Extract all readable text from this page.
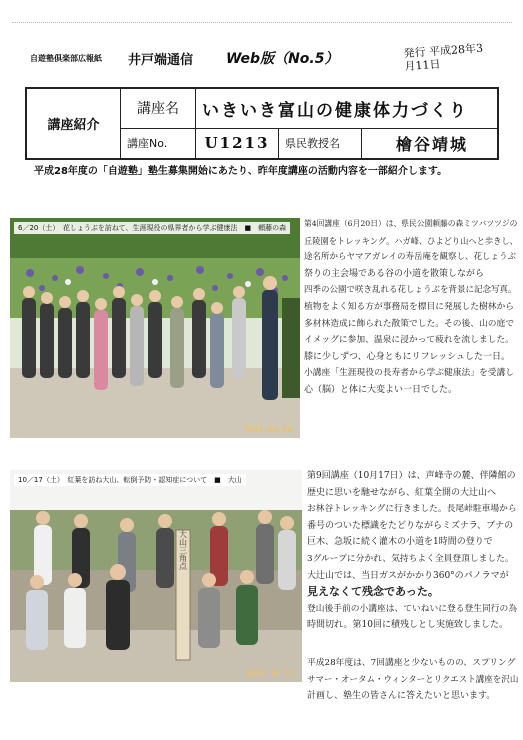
自遊塾倶楽部広報紙 井戸端通信 Web版（No.5）	発行 平成28年3月11日
講座紹介	講座名	いきいき富山の健康体力づくり		
	講座No.	U1213	県民教授名	檜谷靖城
平成28年度の「自遊塾」塾生募集開始にあたり、昨年度講座の活動内容を一部紹介します。
6／20（土）　花しょうぶを訪ねて、生涯現役の県界者から学ぶ健康法　■　頼藤の森
2015.06.20

第4回講座（6月20日）は、県民公園頼藤の森ミツバツツジの

丘陵園をトレッキング。ハガ峰、ひよどり山へと歩きし、

途名所からヤマアガレイの寿岳庵を観察し、花しょうぶ

祭りの主会場である谷の小道を散策しながら

四季の公園で咲き乱れる花しょうぶを背景に記念写真。

植物をよく知る方が事務局を標目に発展した樹林から

多材林造成に飾られた散策でした。その後、山の庭で

イメッグに参加、温泉に浸かって疲れを流しました。

膝に少しずつ、心身ともにリフレッシュした一日。

小講座「生涯現役の長寿者から学ぶ健康法」を受講し

心（脳）と体に大変よい一日でした。

大山三角点
10／17（土）　紅葉を訪ね大山、転倒予防・認知症について　■　大山
2015.10.17

第9回講座（10月17日）は、声峰寺の麓、伴隣館の

歴史に思いを馳せながら、紅葉全開の大辻山へ

お林谷トレッキングに行きました。長尾峠駐車場から

番号のついた標識をたどりながらミズナラ、ブナの

巨木、急坂に続く灌木の小道を1時間の登りで

3グループに分かれ、気持ちよく全員登頂しました。

大辻山では、当日ガスがかかり360°のパノラマが

見えなくて残念であった。

登山後手前の小講座は、ていねいに登る登生同行の為

時間切れ。第10回に積残しとし実施致しました。

平成28年度は、7回講座と少ないものの、スプリング

サマー・オータム・ウィンターとリクエスト講座を沢山

計画し、塾生の皆さんに答えたいと思います。
